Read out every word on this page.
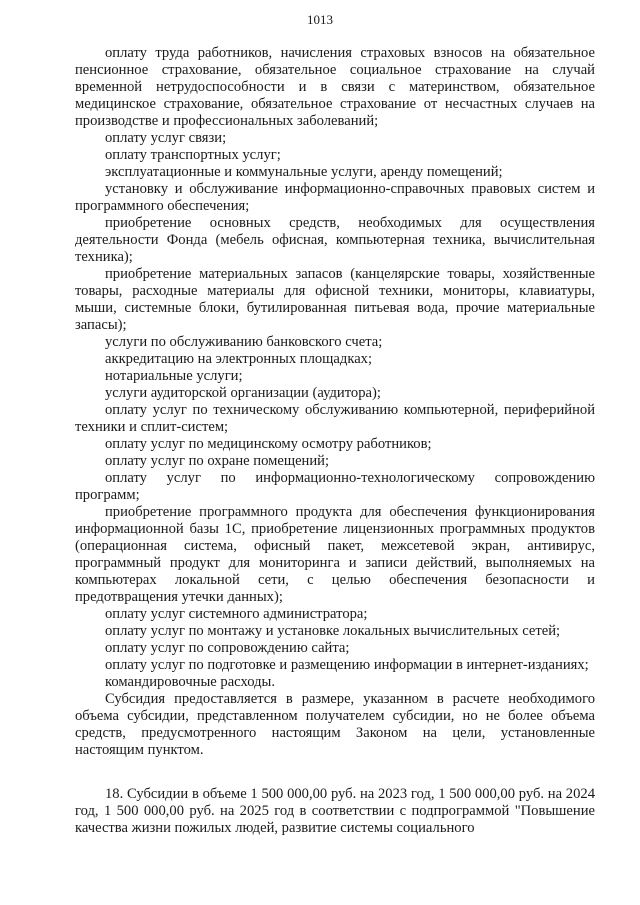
1013

оплату труда работников, начисления страховых взносов на обязательное пенсионное страхование, обязательное социальное страхование на случай временной нетрудоспособности и в связи с материнством, обязательное медицинское страхование, обязательное страхование от несчастных случаев на производстве и профессиональных заболеваний;

оплату услуг связи;

оплату транспортных услуг;

эксплуатационные и коммунальные услуги, аренду помещений;

установку и обслуживание информационно-справочных правовых систем и программного обеспечения;

приобретение основных средств, необходимых для осуществления деятельности Фонда (мебель офисная, компьютерная техника, вычислительная техника);

приобретение материальных запасов (канцелярские товары, хозяйственные товары, расходные материалы для офисной техники, мониторы, клавиатуры, мыши, системные блоки, бутилированная питьевая вода, прочие материальные запасы);

услуги по обслуживанию банковского счета;

аккредитацию на электронных площадках;

нотариальные услуги;

услуги аудиторской организации (аудитора);

оплату услуг по техническому обслуживанию компьютерной, периферийной техники и сплит-систем;

оплату услуг по медицинскому осмотру работников;

оплату услуг по охране помещений;

оплату услуг по информационно-технологическому сопровождению программ;

приобретение программного продукта для обеспечения функционирования информационной базы 1С, приобретение лицензионных программных продуктов (операционная система, офисный пакет, межсетевой экран, антивирус, программный продукт для мониторинга и записи действий, выполняемых на компьютерах локальной сети, с целью обеспечения безопасности и предотвращения утечки данных);

оплату услуг системного администратора;

оплату услуг по монтажу и установке локальных вычислительных сетей;

оплату услуг по сопровождению сайта;

оплату услуг по подготовке и размещению информации в интернет-изданиях;

командировочные расходы.

Субсидия предоставляется в размере, указанном в расчете необходимого объема субсидии, представленном получателем субсидии, но не более объема средств, предусмотренного настоящим Законом на цели, установленные настоящим пунктом.

18. Субсидии в объеме 1 500 000,00 руб. на 2023 год, 1 500 000,00 руб. на 2024 год, 1 500 000,00 руб. на 2025 год в соответствии с подпрограммой "Повышение качества жизни пожилых людей, развитие системы социального
